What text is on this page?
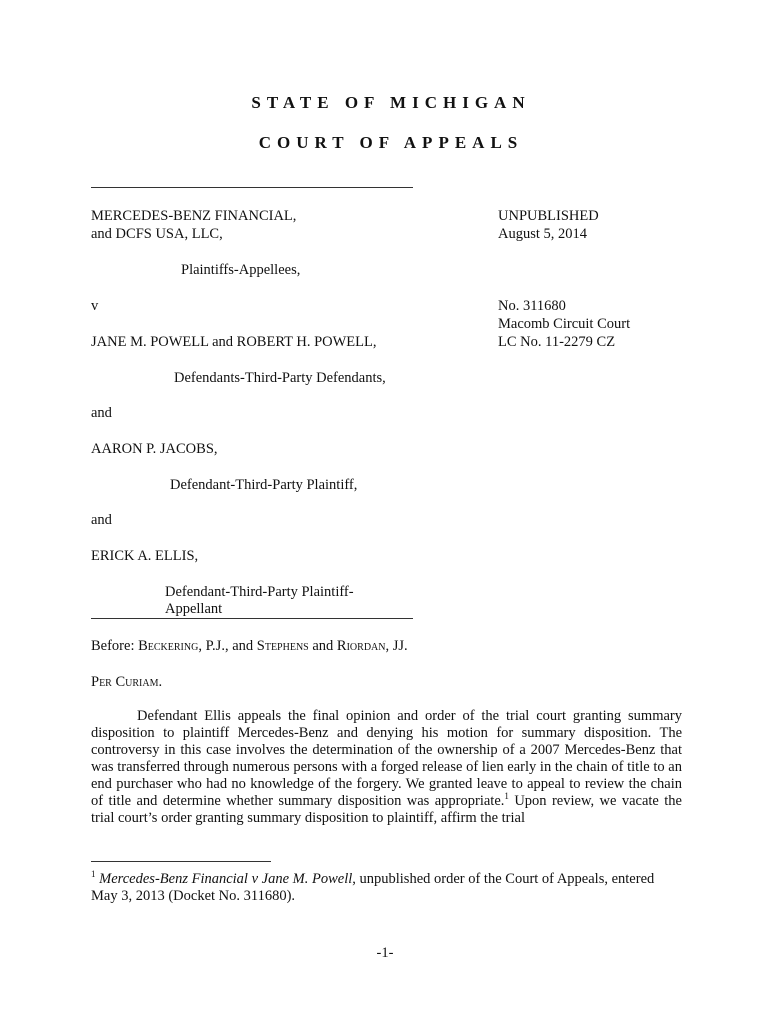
STATE OF MICHIGAN
COURT OF APPEALS
MERCEDES-BENZ FINANCIAL,
and DCFS USA, LLC,
Plaintiffs-Appellees,
v
JANE M. POWELL and ROBERT H. POWELL,
Defendants-Third-Party Defendants,
and
AARON P. JACOBS,
Defendant-Third-Party Plaintiff,
and
ERICK A. ELLIS,
Defendant-Third-Party Plaintiff-
Appellant
UNPUBLISHED
August 5, 2014
No. 311680
Macomb Circuit Court
LC No. 11-2279 CZ
Before: Beckering, P.J., and Stephens and Riordan, JJ.
Per Curiam.
Defendant Ellis appeals the final opinion and order of the trial court granting summary disposition to plaintiff Mercedes-Benz and denying his motion for summary disposition. The controversy in this case involves the determination of the ownership of a 2007 Mercedes-Benz that was transferred through numerous persons with a forged release of lien early in the chain of title to an end purchaser who had no knowledge of the forgery. We granted leave to appeal to review the chain of title and determine whether summary disposition was appropriate.$^1$ Upon review, we vacate the trial court’s order granting summary disposition to plaintiff, affirm the trial
$^1$ Mercedes-Benz Financial v Jane M. Powell, unpublished order of the Court of Appeals, entered May 3, 2013 (Docket No. 311680).
-1-
